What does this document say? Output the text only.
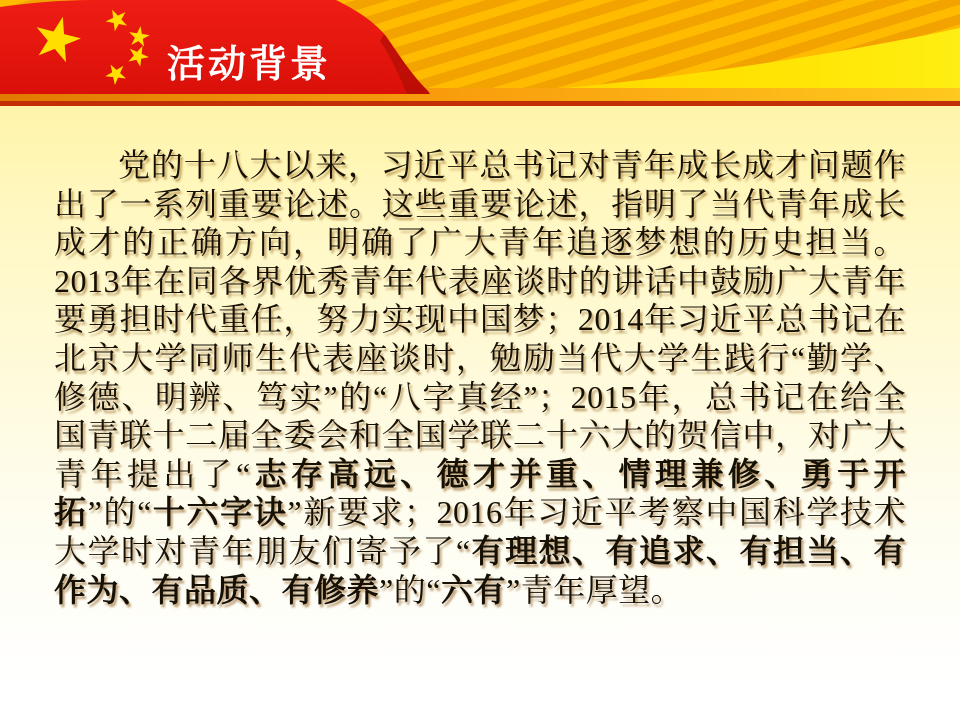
活动背景
党的十八大以来，习近平总书记对青年成长成才问题作出了一系列重要论述。这些重要论述，指明了当代青年成长成才的正确方向，明确了广大青年追逐梦想的历史担当。2013年在同各界优秀青年代表座谈时的讲话中鼓励广大青年要勇担时代重任，努力实现中国梦；2014年习近平总书记在北京大学同师生代表座谈时，勉励当代大学生践行“勤学、修德、明辨、笃实”的“八字真经”；2015年，总书记在给全国青联十二届全委会和全国学联二十六大的贺信中，对广大青年提出了“志存高远、德才并重、情理兼修、勇于开拓”的“十六字诀”新要求；2016年习近平考察中国科学技术大学时对青年朋友们寄予了“有理想、有追求、有担当、有作为、有品质、有修养”的“六有”青年厚望。
